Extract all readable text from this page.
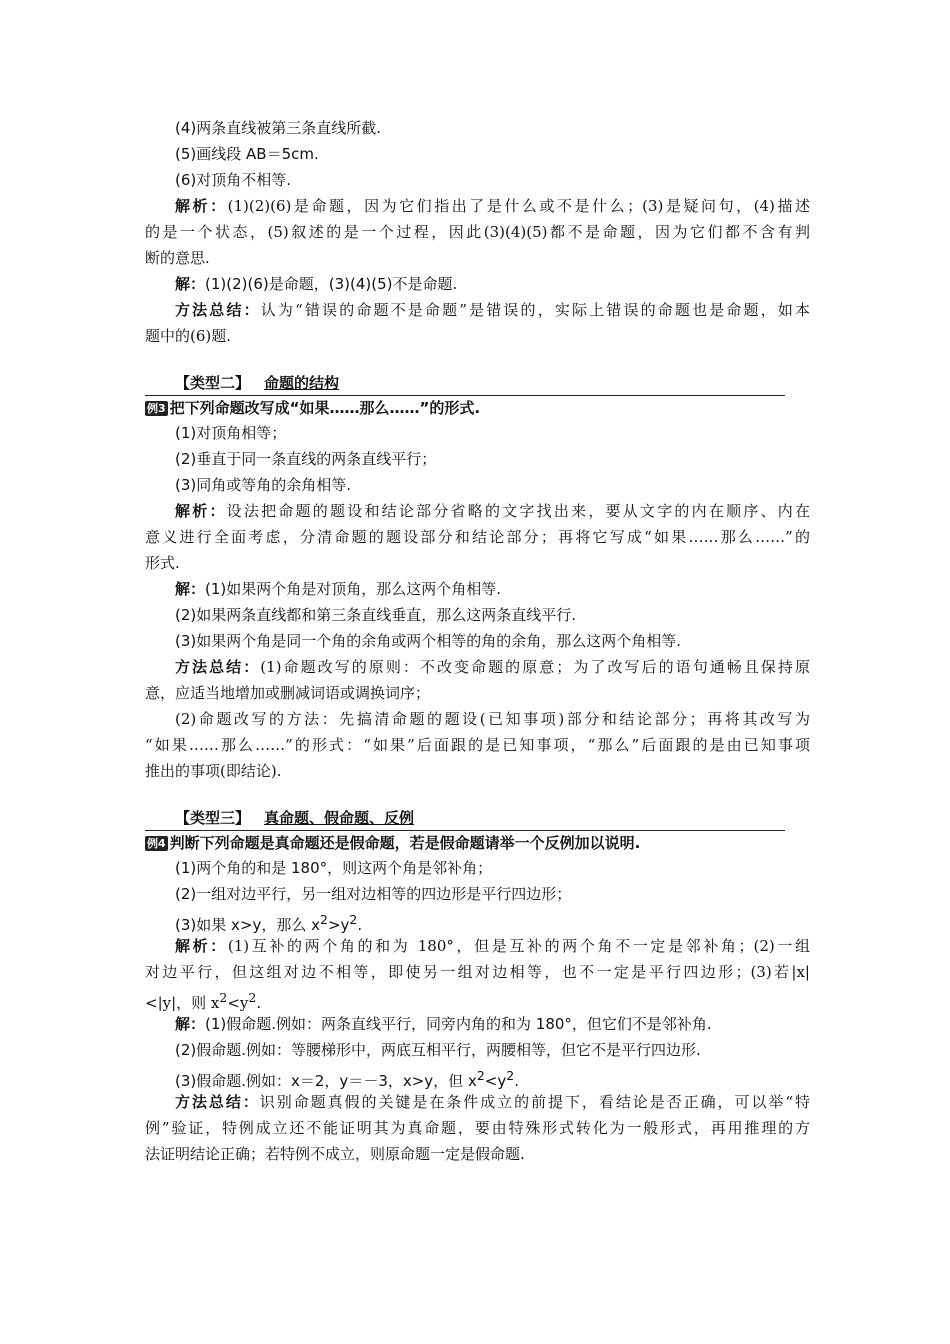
(4)两条直线被第三条直线所截.
(5)画线段 AB＝5cm.
(6)对顶角不相等.
解析：(1)(2)(6)是命题，因为它们指出了是什么或不是什么；(3)是疑问句，(4)描述
的是一个状态，(5)叙述的是一个过程，因此(3)(4)(5)都不是命题，因为它们都不含有判
断的意思.
解：(1)(2)(6)是命题，(3)(4)(5)不是命题.
方法总结：认为“错误的命题不是命题”是错误的，实际上错误的命题也是命题，如本
题中的(6)题.
【类型二】 命题的结构
例3 把下列命题改写成“如果……那么……”的形式.
(1)对顶角相等；
(2)垂直于同一条直线的两条直线平行；
(3)同角或等角的余角相等.
解析：设法把命题的题设和结论部分省略的文字找出来，要从文字的内在顺序、内在
意义进行全面考虑，分清命题的题设部分和结论部分；再将它写成“如果……那么……”的
形式.
解：(1)如果两个角是对顶角，那么这两个角相等.
(2)如果两条直线都和第三条直线垂直，那么这两条直线平行.
(3)如果两个角是同一个角的余角或两个相等的角的余角，那么这两个角相等.
方法总结：(1)命题改写的原则：不改变命题的原意；为了改写后的语句通畅且保持原
意，应适当地增加或删减词语或调换词序；
(2)命题改写的方法：先搞清命题的题设(已知事项)部分和结论部分；再将其改写为
“如果……那么……”的形式：“如果”后面跟的是已知事项，“那么”后面跟的是由已知事项
推出的事项(即结论).
【类型三】 真命题、假命题、反例
例4 判断下列命题是真命题还是假命题，若是假命题请举一个反例加以说明.
(1)两个角的和是 180°，则这两个角是邻补角；
(2)一组对边平行，另一组对边相等的四边形是平行四边形；
(3)如果 x>y，那么 $x^2>y^2$.
解析：(1)互补的两个角的和为 180°，但是互补的两个角不一定是邻补角；(2)一组
对边平行，但这组对边不相等，即使另一组对边相等，也不一定是平行四边形；(3)若|x|
<|y|，则 $x^2<y^2$.
解：(1)假命题.例如：两条直线平行，同旁内角的和为 180°，但它们不是邻补角.
(2)假命题.例如：等腰梯形中，两底互相平行，两腰相等，但它不是平行四边形.
(3)假命题.例如：x＝2，y＝－3，x>y，但 $x^2<y^2$.
方法总结：识别命题真假的关键是在条件成立的前提下，看结论是否正确，可以举“特
例”验证，特例成立还不能证明其为真命题，要由特殊形式转化为一般形式，再用推理的方
法证明结论正确；若特例不成立，则原命题一定是假命题.
